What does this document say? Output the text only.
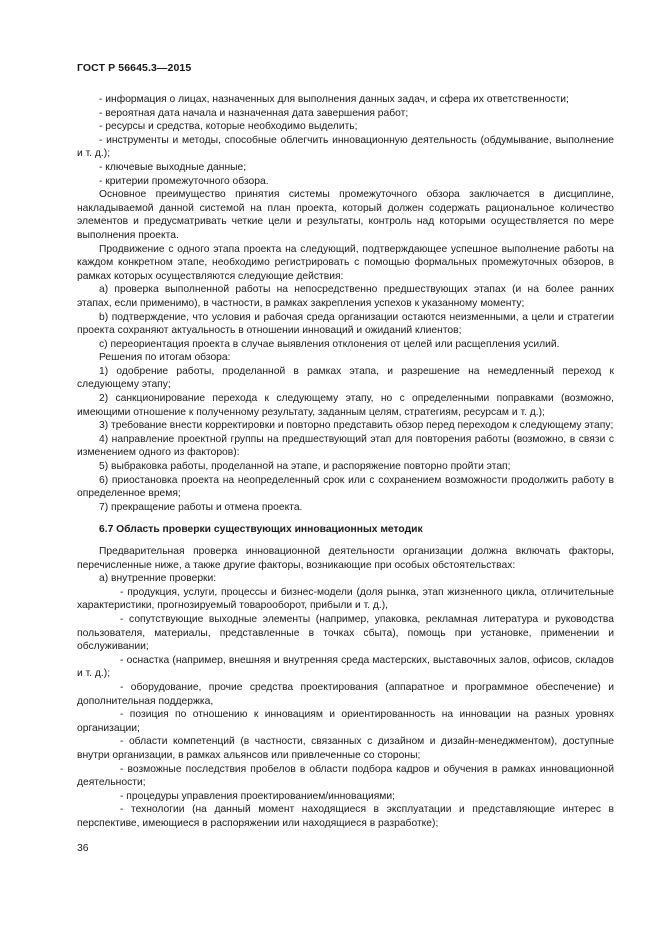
ГОСТ Р 56645.3—2015

- информация о лицах, назначенных для выполнения данных задач, и сфера их ответственности;

- вероятная дата начала и назначенная дата завершения работ;

- ресурсы и средства, которые необходимо выделить;

- инструменты и методы, способные облегчить инновационную деятельность (обдумывание, выполнение и т. д.);

- ключевые выходные данные;

- критерии промежуточного обзора.

Основное преимущество принятия системы промежуточного обзора заключается в дисциплине, накладываемой данной системой на план проекта, который должен содержать рациональное количество элементов и предусматривать четкие цели и результаты, контроль над которыми осуществляется по мере выполнения проекта.

Продвижение с одного этапа проекта на следующий, подтверждающее успешное выполнение работы на каждом конкретном этапе, необходимо регистрировать с помощью формальных промежуточных обзоров, в рамках которых осуществляются следующие действия:

a) проверка выполненной работы на непосредственно предшествующих этапах (и на более ранних этапах, если применимо), в частности, в рамках закрепления успехов к указанному моменту;

b) подтверждение, что условия и рабочая среда организации остаются неизменными, а цели и стратегии проекта сохраняют актуальность в отношении инноваций и ожиданий клиентов;

c) переориентация проекта в случае выявления отклонения от целей или расщепления усилий.

Решения по итогам обзора:

1) одобрение работы, проделанной в рамках этапа, и разрешение на немедленный переход к следующему этапу;

2) санкционирование перехода к следующему этапу, но с определенными поправками (возможно, имеющими отношение к полученному результату, заданным целям, стратегиям, ресурсам и т. д.);

3) требование внести корректировки и повторно представить обзор перед переходом к следующему этапу;

4) направление проектной группы на предшествующий этап для повторения работы (возможно, в связи с изменением одного из факторов):

5) выбраковка работы, проделанной на этапе, и распоряжение повторно пройти этап;

6) приостановка проекта на неопределенный срок или с сохранением возможности продолжить работу в определенное время;

7) прекращение работы и отмена проекта.

6.7 Область проверки существующих инновационных методик

Предварительная проверка инновационной деятельности организации должна включать факторы, перечисленные ниже, а также другие факторы, возникающие при особых обстоятельствах:

a) внутренние проверки:

- продукция, услуги, процессы и бизнес-модели (доля рынка, этап жизненного цикла, отличительные характеристики, прогнозируемый товарооборот, прибыли и т. д.),

- сопутствующие выходные элементы (например, упаковка, рекламная литература и руководства пользователя, материалы, представленные в точках сбыта), помощь при установке, применении и обслуживании;

- оснастка (например, внешняя и внутренняя среда мастерских, выставочных залов, офисов, складов и т. д.);

- оборудование, прочие средства проектирования (аппаратное и программное обеспечение) и дополнительная поддержка,

- позиция по отношению к инновациям и ориентированность на инновации на разных уровнях организации;

- области компетенций (в частности, связанных с дизайном и дизайн-менеджментом), доступные внутри организации, в рамках альянсов или привлеченные со стороны;

- возможные последствия пробелов в области подбора кадров и обучения в рамках инновационной деятельности;

- процедуры управления проектированием/инновациями;

- технологии (на данный момент находящиеся в эксплуатации и представляющие интерес в перспективе, имеющиеся в распоряжении или находящиеся в разработке);

36
